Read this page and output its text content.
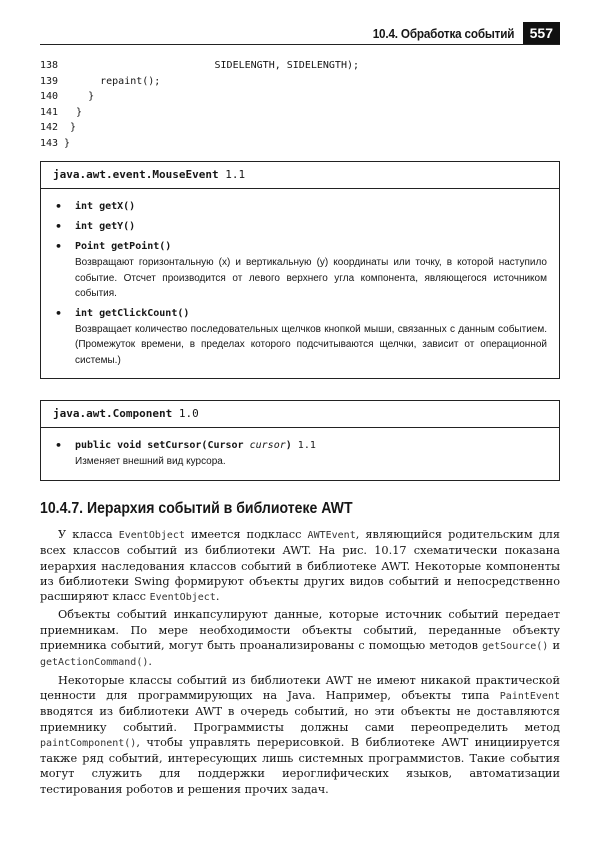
10.4. Обработка событий	557
138                         SIDELENGTH, SIDELENGTH);
139      repaint();
140    }
141  }
142 }
143 }
java.awt.event.MouseEvent 1.1
• int getX()
• int getY()
• Point getPoint()
Возвращают горизонтальную (x) и вертикальную (y) координаты или точку, в которой наступило событие. Отсчет производится от левого верхнего угла компонента, являющегося источником события.
• int getClickCount()
Возвращает количество последовательных щелчков кнопкой мыши, связанных с данным событием. (Промежуток времени, в пределах которого подсчитываются щелчки, зависит от операционной системы.)
java.awt.Component 1.0
• public void setCursor(Cursor cursor) 1.1
Изменяет внешний вид курсора.
10.4.7. Иерархия событий в библиотеке AWT

У класса EventObject имеется подкласс AWTEvent, являющийся родительским для всех классов событий из библиотеки AWT. На рис. 10.17 схематически показана иерархия наследования классов событий в библиотеке AWT. Некоторые компоненты из библиотеки Swing формируют объекты других видов событий и непосредственно расширяют класс EventObject.

Объекты событий инкапсулируют данные, которые источник событий передает приемникам. По мере необходимости объекты событий, переданные объекту приемника событий, могут быть проанализированы с помощью методов getSource() и getActionCommand().

Некоторые классы событий из библиотеки AWT не имеют никакой практической ценности для программирующих на Java. Например, объекты типа PaintEvent вводятся из библиотеки AWT в очередь событий, но эти объекты не доставляются приемнику событий. Программисты должны сами переопределить метод paintComponent(), чтобы управлять перерисовкой. В библиотеке AWT инициируется также ряд событий, интересующих лишь системных программистов. Такие события могут служить для поддержки иероглифических языков, автоматизации тестирования роботов и решения прочих задач.
